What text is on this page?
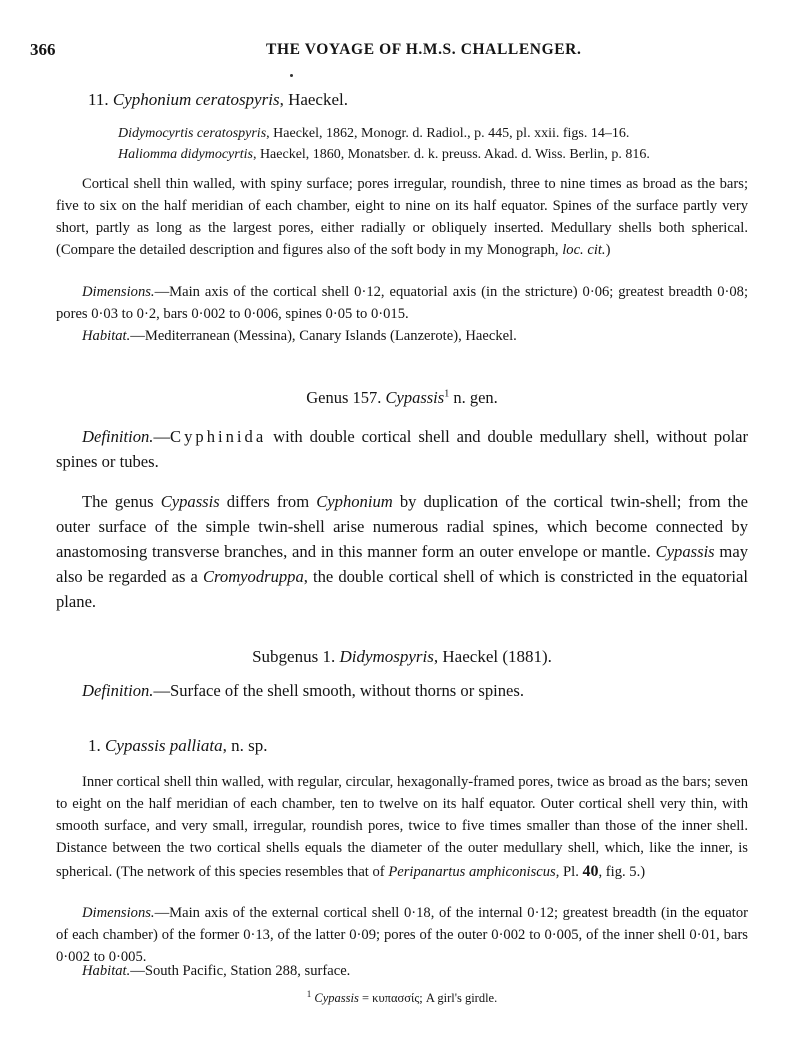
366	THE VOYAGE OF H.M.S. CHALLENGER.
11. Cyphonium ceratospyris, Haeckel.
Didymocyrtis ceratospyris, Haeckel, 1862, Monogr. d. Radiol., p. 445, pl. xxii. figs. 14–16.
Haliomma didymocyrtis, Haeckel, 1860, Monatsber. d. k. preuss. Akad. d. Wiss. Berlin, p. 816.
Cortical shell thin walled, with spiny surface; pores irregular, roundish, three to nine times as broad as the bars; five to six on the half meridian of each chamber, eight to nine on its half equator. Spines of the surface partly very short, partly as long as the largest pores, either radially or obliquely inserted. Medullary shells both spherical. (Compare the detailed description and figures also of the soft body in my Monograph, loc. cit.)
Dimensions.—Main axis of the cortical shell 0·12, equatorial axis (in the stricture) 0·06; greatest breadth 0·08; pores 0·03 to 0·2, bars 0·002 to 0·006, spines 0·05 to 0·015.
Habitat.—Mediterranean (Messina), Canary Islands (Lanzerote), Haeckel.
Genus 157. Cypassis$^1$ n. gen.
Definition.—Cyphinida with double cortical shell and double medullary shell, without polar spines or tubes.
The genus Cypassis differs from Cyphonium by duplication of the cortical twin-shell; from the outer surface of the simple twin-shell arise numerous radial spines, which become connected by anastomosing transverse branches, and in this manner form an outer envelope or mantle. Cypassis may also be regarded as a Cromyodruppa, the double cortical shell of which is constricted in the equatorial plane.
Subgenus 1. Didymospyris, Haeckel (1881).
Definition.—Surface of the shell smooth, without thorns or spines.
1. Cypassis palliata, n. sp.
Inner cortical shell thin walled, with regular, circular, hexagonally-framed pores, twice as broad as the bars; seven to eight on the half meridian of each chamber, ten to twelve on its half equator. Outer cortical shell very thin, with smooth surface, and very small, irregular, roundish pores, twice to five times smaller than those of the inner shell. Distance between the two cortical shells equals the diameter of the outer medullary shell, which, like the inner, is spherical. (The network of this species resembles that of Peripanartus amphiconiscus, Pl. 40, fig. 5.)
Dimensions.—Main axis of the external cortical shell 0·18, of the internal 0·12; greatest breadth (in the equator of each chamber) of the former 0·13, of the latter 0·09; pores of the outer 0·002 to 0·005, of the inner shell 0·01, bars 0·002 to 0·005.
Habitat.—South Pacific, Station 288, surface.
$^1$ Cypassis = κυπασσίς; A girl's girdle.
